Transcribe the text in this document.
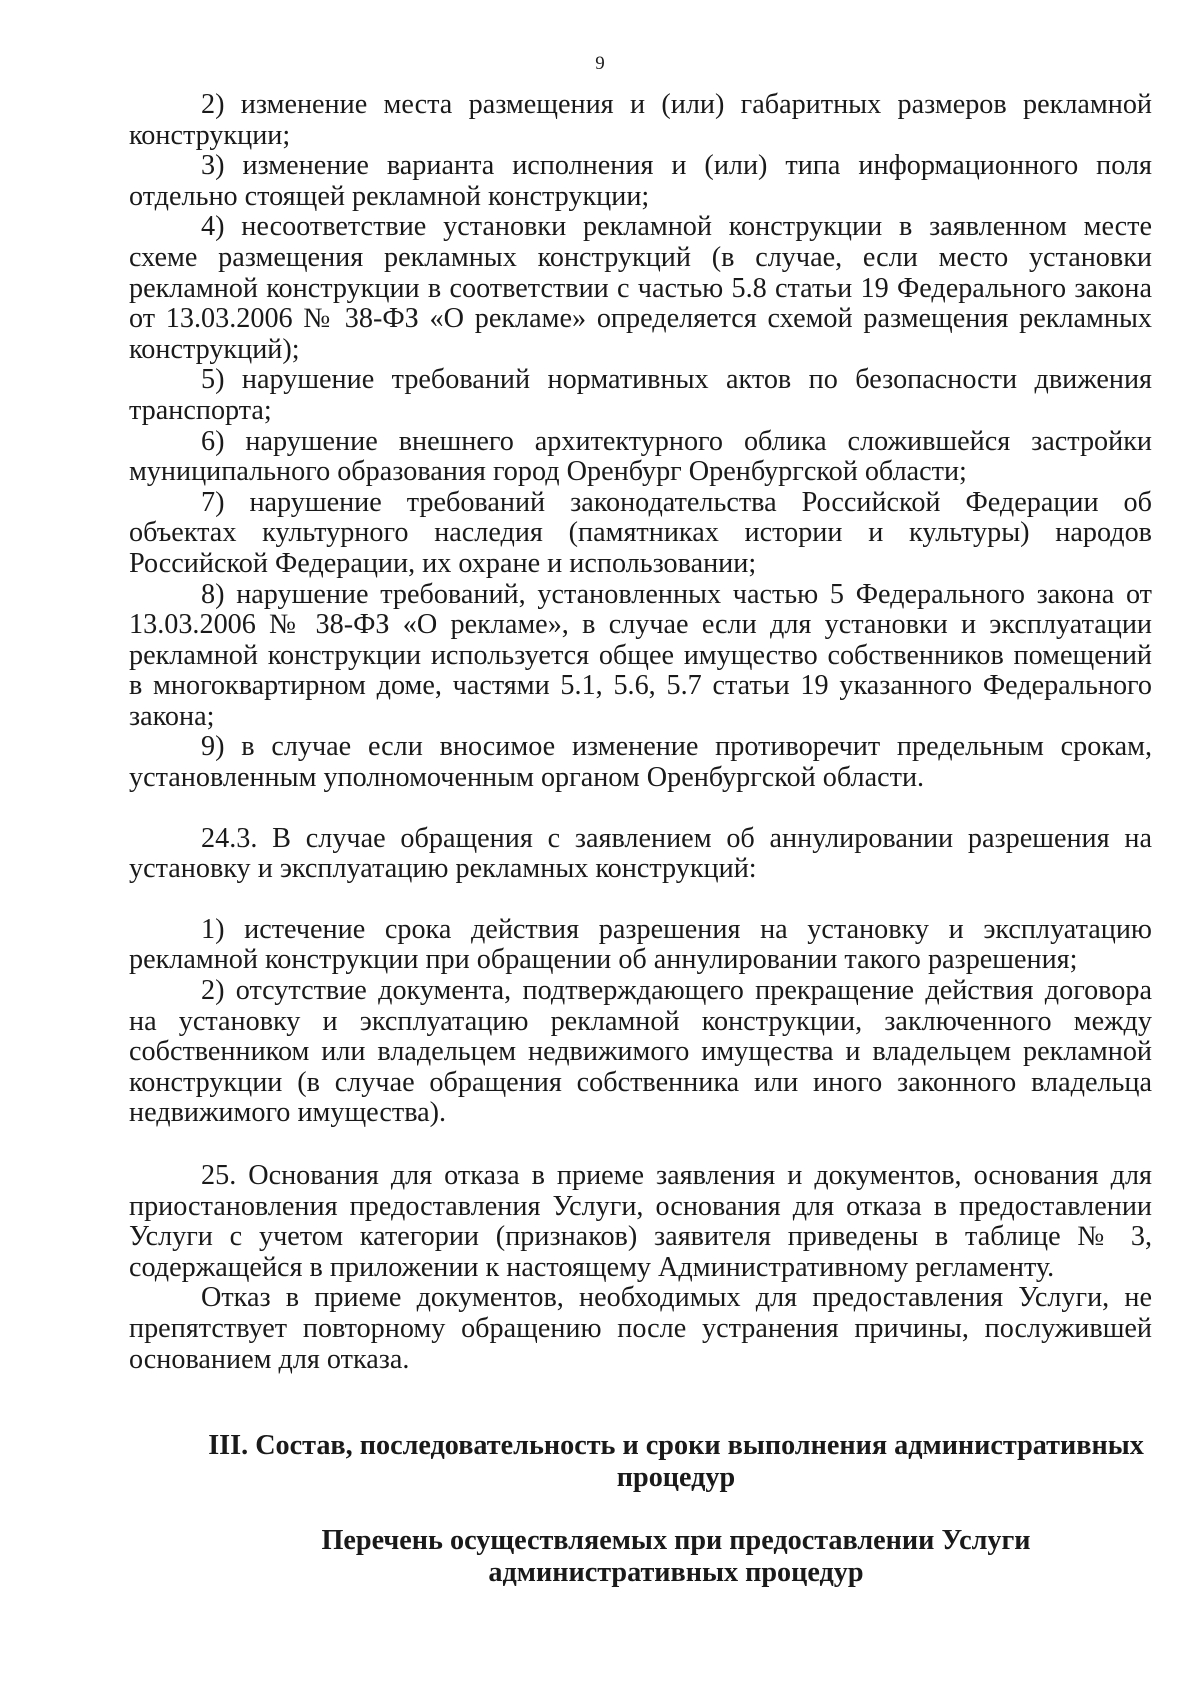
9

2) изменение места размещения и (или) габаритных размеров рекламной конструкции;

3) изменение варианта исполнения и (или) типа информационного поля отдельно стоящей рекламной конструкции;

4) несоответствие установки рекламной конструкции в заявленном месте схеме размещения рекламных конструкций (в случае, если место установки рекламной конструкции в соответствии с частью 5.8 статьи 19 Федерального закона от 13.03.2006 № 38-ФЗ «О рекламе» определяется схемой размещения рекламных конструкций);

5) нарушение требований нормативных актов по безопасности движения транспорта;

6) нарушение внешнего архитектурного облика сложившейся застройки муниципального образования город Оренбург Оренбургской области;

7) нарушение требований законодательства Российской Федерации об объектах культурного наследия (памятниках истории и культуры) народов Российской Федерации, их охране и использовании;

8) нарушение требований, установленных частью 5 Федерального закона от 13.03.2006 № 38-ФЗ «О рекламе», в случае если для установки и эксплуатации рекламной конструкции используется общее имущество собственников помещений в многоквартирном доме, частями 5.1, 5.6, 5.7 статьи 19 указанного Федерального закона;

9) в случае если вносимое изменение противоречит предельным срокам, установленным уполномоченным органом Оренбургской области.

24.3. В случае обращения с заявлением об аннулировании разрешения на установку и эксплуатацию рекламных конструкций:

1) истечение срока действия разрешения на установку и эксплуатацию рекламной конструкции при обращении об аннулировании такого разрешения;

2) отсутствие документа, подтверждающего прекращение действия договора на установку и эксплуатацию рекламной конструкции, заключенного между собственником или владельцем недвижимого имущества и владельцем рекламной конструкции (в случае обращения собственника или иного законного владельца недвижимого имущества).

25. Основания для отказа в приеме заявления и документов, основания для приостановления предоставления Услуги, основания для отказа в предоставлении Услуги с учетом категории (признаков) заявителя приведены в таблице № 3, содержащейся в приложении к настоящему Административному регламенту.

Отказ в приеме документов, необходимых для предоставления Услуги, не препятствует повторному обращению после устранения причины, послужившей основанием для отказа.

III. Состав, последовательность и сроки выполнения административных процедур
Перечень осуществляемых при предоставлении Услуги административных процедур
